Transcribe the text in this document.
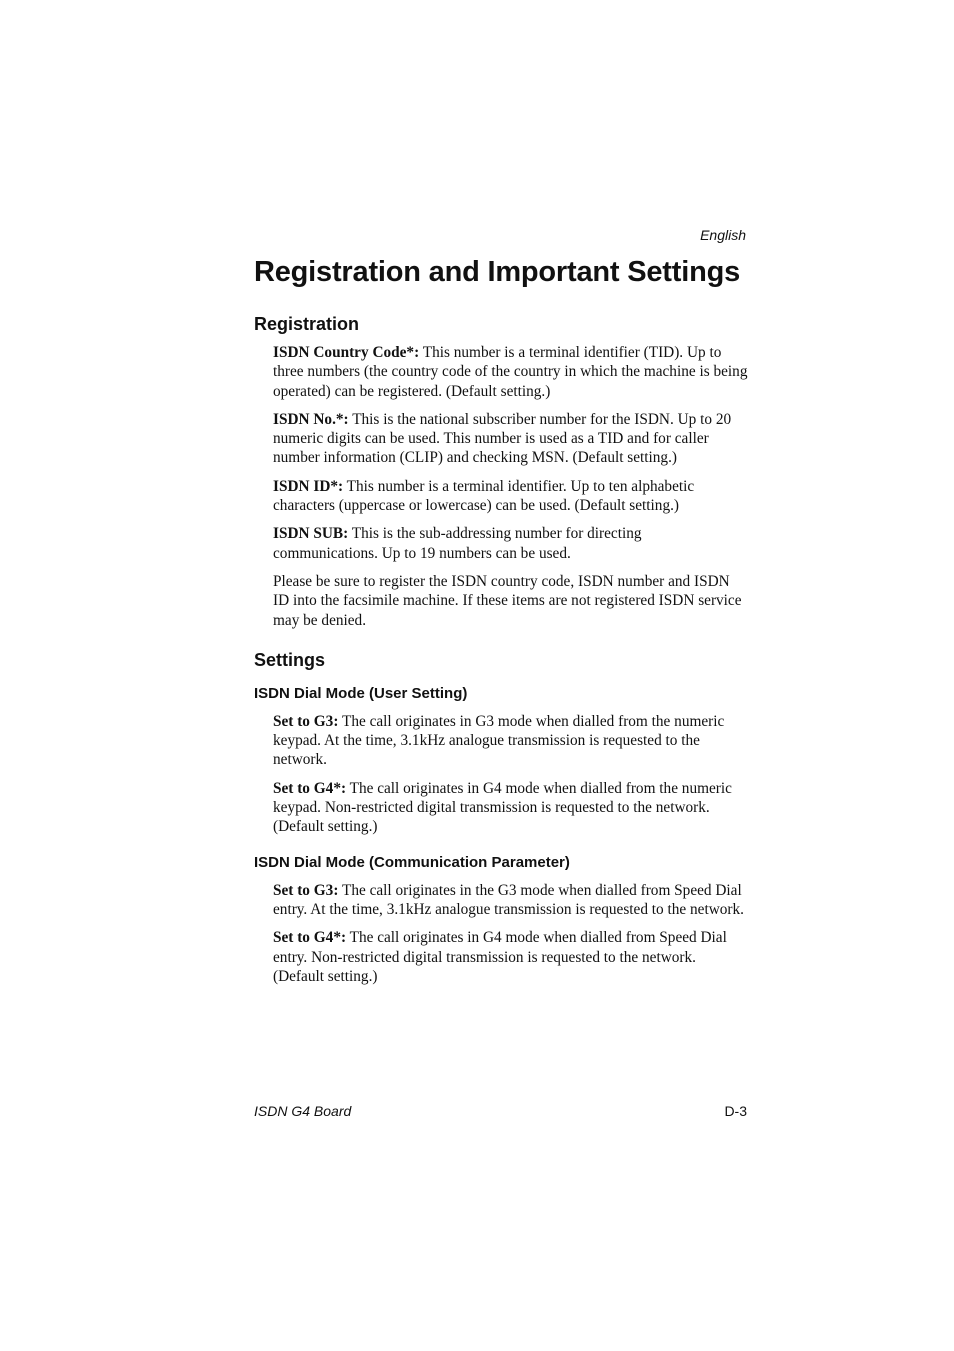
English
Registration and Important Settings
Registration

ISDN Country Code*: This number is a terminal identifier (TID). Up to three numbers (the country code of the country in which the machine is being operated) can be registered. (Default setting.)

ISDN No.*: This is the national subscriber number for the ISDN. Up to 20 numeric digits can be used. This number is used as a TID and for caller number information (CLIP) and checking MSN. (Default setting.)

ISDN ID*: This number is a terminal identifier. Up to ten alphabetic characters (uppercase or lowercase) can be used. (Default setting.)

ISDN SUB: This is the sub-addressing number for directing communications. Up to 19 numbers can be used.

Please be sure to register the ISDN country code, ISDN number and ISDN ID into the facsimile machine. If these items are not registered ISDN service may be denied.

Settings
ISDN Dial Mode (User Setting)

Set to G3: The call originates in G3 mode when dialled from the numeric keypad. At the time, 3.1kHz analogue transmission is requested to the network.

Set to G4*: The call originates in G4 mode when dialled from the numeric keypad. Non-restricted digital transmission is requested to the network. (Default setting.)

ISDN Dial Mode (Communication Parameter)

Set to G3: The call originates in the G3 mode when dialled from Speed Dial entry. At the time, 3.1kHz analogue transmission is requested to the network.

Set to G4*: The call originates in G4 mode when dialled from Speed Dial entry. Non-restricted digital transmission is requested to the network. (Default setting.)

ISDN G4 Board	D-3
